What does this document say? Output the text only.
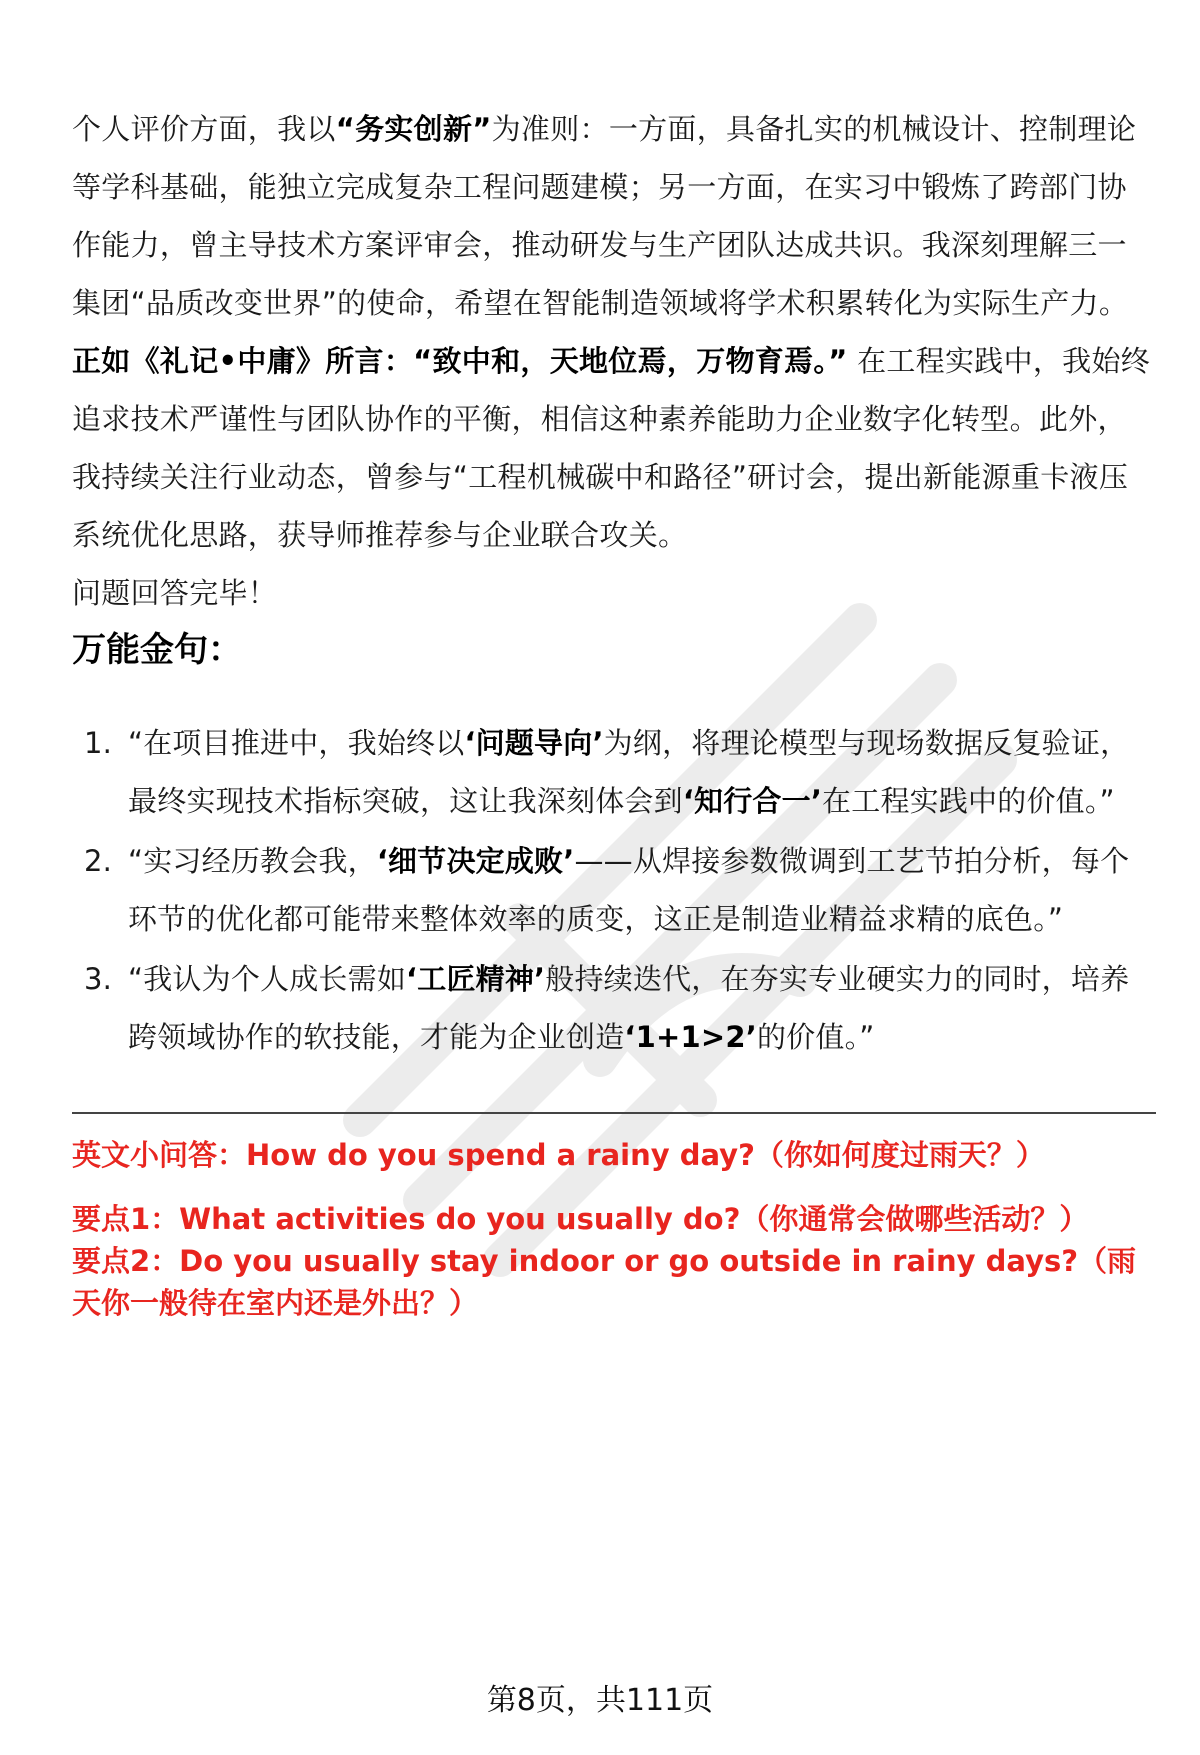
个人评价方面，我以“务实创新”为准则：一方面，具备扎实的机械设计、控制理论等学科基础，能独立完成复杂工程问题建模；另一方面，在实习中锻炼了跨部门协作能力，曾主导技术方案评审会，推动研发与生产团队达成共识。我深刻理解三一集团“品质改变世界”的使命，希望在智能制造领域将学术积累转化为实际生产力。

正如《礼记•中庸》所言：“致中和，天地位焉，万物育焉。” 在工程实践中，我始终追求技术严谨性与团队协作的平衡，相信这种素养能助力企业数字化转型。此外，我持续关注行业动态，曾参与“工程机械碳中和路径”研讨会，提出新能源重卡液压系统优化思路，获导师推荐参与企业联合攻关。

问题回答完毕！

万能金句：
1. “在项目推进中，我始终以‘问题导向’为纲，将理论模型与现场数据反复验证，最终实现技术指标突破，这让我深刻体会到‘知行合一’在工程实践中的价值。”
2. “实习经历教会我，‘细节决定成败’——从焊接参数微调到工艺节拍分析，每个环节的优化都可能带来整体效率的质变，这正是制造业精益求精的底色。”
3. “我认为个人成长需如‘工匠精神’般持续迭代，在夯实专业硬实力的同时，培养跨领域协作的软技能，才能为企业创造‘1+1>2’的价值。”

英文小问答：How do you spend a rainy day?（你如何度过雨天？）

要点1：What activities do you usually do?（你通常会做哪些活动？）

要点2：Do you usually stay indoor or go outside in rainy days?（雨天你一般待在室内还是外出？）

第8页，共111页
